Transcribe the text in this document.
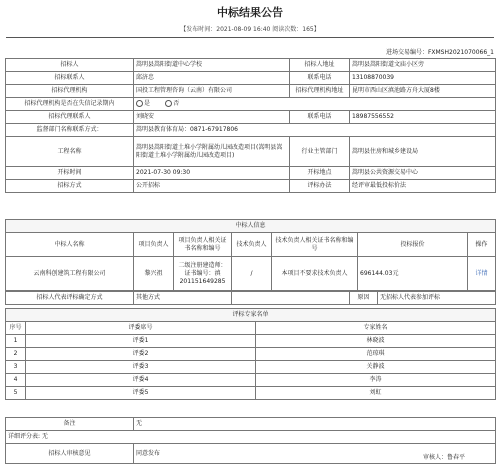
中标结果公告
【发布时间：2021-08-09 16:40 阅读次数：165】
进场交易编号：FXMSH2021070066_1
招标人	嵩明县嵩阳街道中心学校	招标人地址	嵩明县嵩阳街道文庙小区旁
招标联系人	邱济忠	联系电话	13108870039
招标代理机构	国投工程管理咨询（云南）有限公司	招标代理机构地址	昆明市西山区滇池路方舟大厦8楼
招标代理机构是否在失信记录期内	是 否		
招标代理联系人	刘晓安	联系电话	18987556552
监督部门名称联系方式：	嵩明县教育体育局：0871-67917806		
工程名称	嵩明县嵩阳街道土堆小学附属幼儿园改造项目(嵩明县嵩阳街道土堆小学附属幼儿园改造项目)	行业主管部门	嵩明县住房和城乡建设局
开标时间	2021-07-30 09:30	开标地点	嵩明县公共资源交易中心
招标方式	公开招标	评标办法	经评审最低投标价法
中标人信息						
中标人名称	项目负责人	项目负责人相关证书名称和编号	技术负责人	技术负责人相关证书名称和编号	投标报价	操作
云南科创建筑工程有限公司	黎兴祖	二级注册建造师：证书编号：滇201151649285	/	本项目不要求技术负责人	696144.03元	详情
招标人代表评标确定方式	其他方式		原因	无招标人代表参加评标
评标专家名单		
序号	评委席号	专家姓名
1	评委1	林晓波
2	评委2	范琼琪
3	评委3	关静波
4	评委4	李涛
5	评委5	刘虹
备注	无
详细评分表: 无	
招标人审核意见	同意发布
审核人：鲁春平
